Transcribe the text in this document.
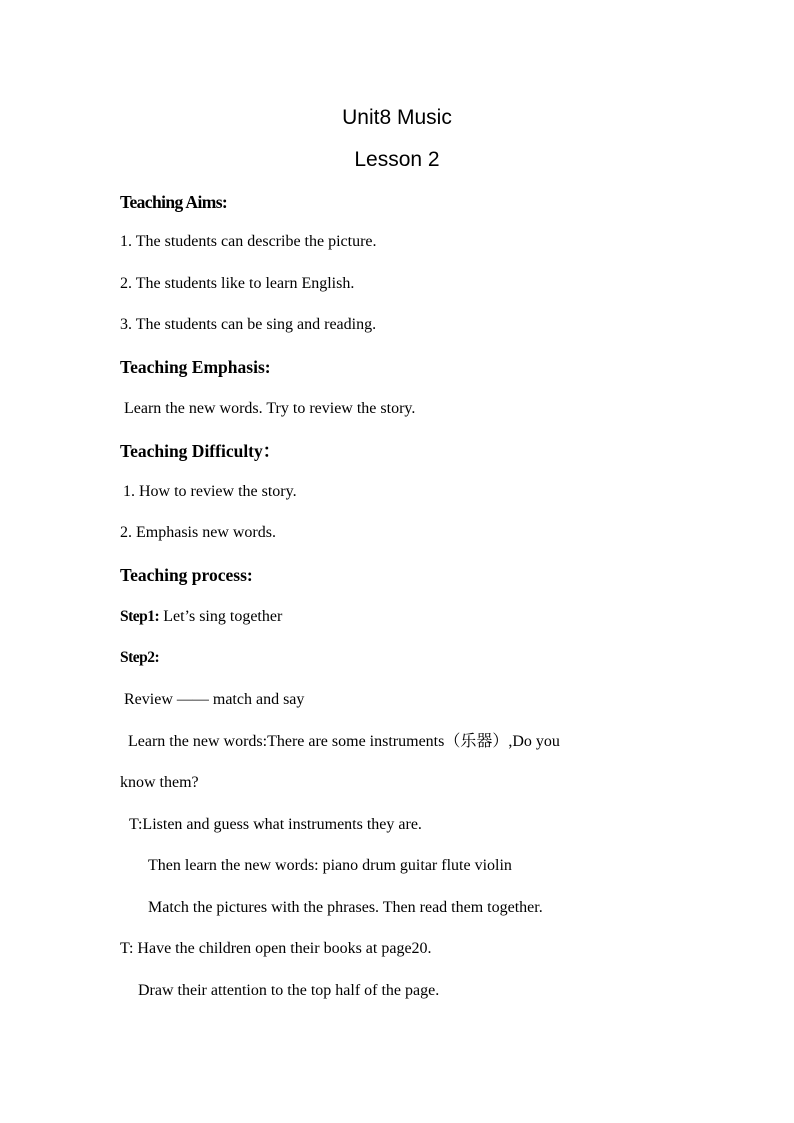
Unit8 Music
Lesson 2
Teaching Aims:
1. The students can describe the picture.
2. The students like to learn English.
3. The students can be sing and reading.
Teaching Emphasis:
Learn the new words. Try to review the story.
Teaching Difficulty：
1. How to review the story.
2. Emphasis new words.
Teaching process:
Step1: Let’s sing together
Step2:
Review —— match and say
Learn the new words:There are some instruments（乐器）,Do you
know them?
T:Listen and guess what instruments they are.
Then learn the new words: piano drum guitar flute violin
Match the pictures with the phrases. Then read them together.
T: Have the children open their books at page20.
Draw their attention to the top half of the page.
